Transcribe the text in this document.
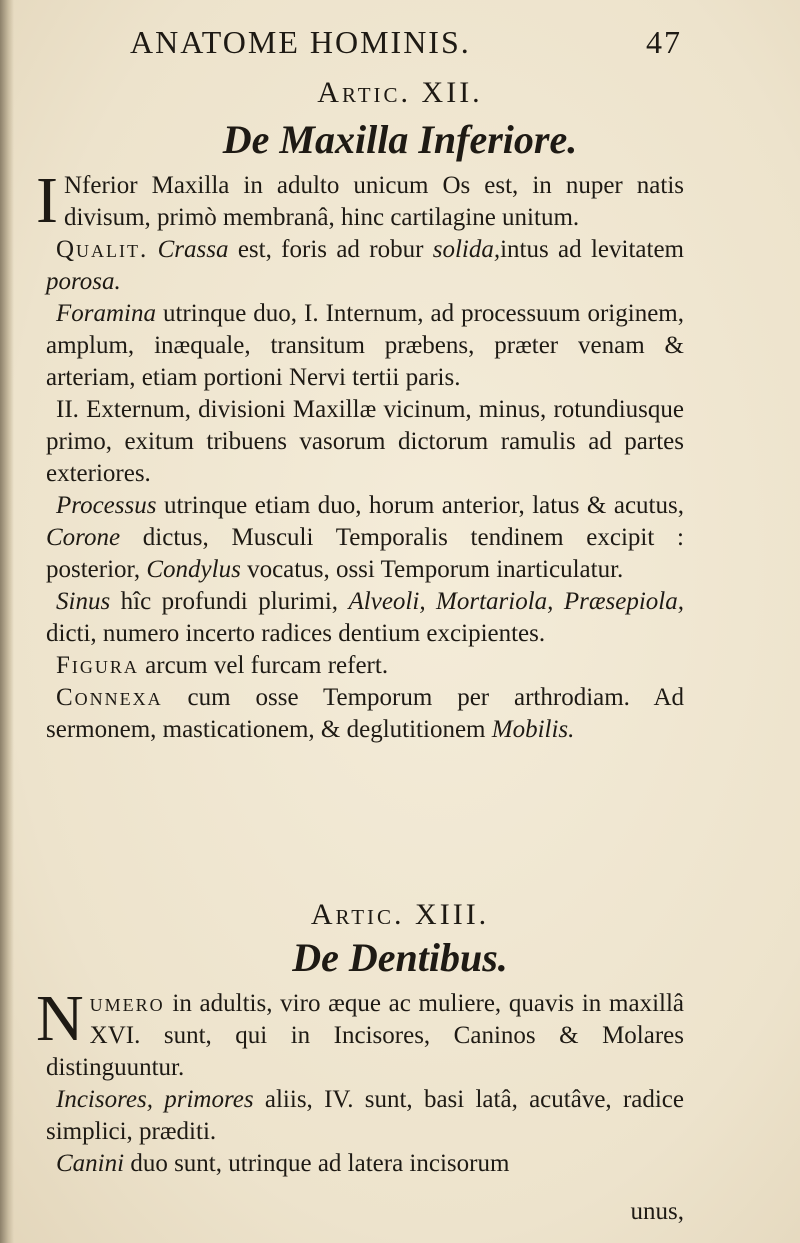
ANATOME HOMINIS.	47
Artic. XII.
De Maxilla Inferiore.

I Nferior Maxilla in adulto unicum Os est, in nuper natis divisum, primò membranâ, hinc cartilagine unitum.

Qualit. Crassa est, foris ad robur solida,intus ad levitatem porosa.

Foramina utrinque duo, I. Internum, ad processuum originem, amplum, inæquale, transitum præbens, præter venam & arteriam, etiam portioni Nervi tertii paris.

II. Externum, divisioni Maxillæ vicinum, minus, rotundiusque primo, exitum tribuens vasorum dictorum ramulis ad partes exteriores.

Processus utrinque etiam duo, horum anterior, latus & acutus, Corone dictus, Musculi Temporalis tendinem excipit : posterior, Condylus vocatus, ossi Temporum inarticulatur.

Sinus hîc profundi plurimi, Alveoli, Mortariola, Præsepiola, dicti, numero incerto radices dentium excipientes.

Figura arcum vel furcam refert.

Connexa cum osse Temporum per arthrodiam. Ad sermonem, masticationem, & deglutitionem Mobilis.

Artic. XIII.
De Dentibus.

Numero in adultis, viro æque ac muliere, quavis in maxillâ XVI. sunt, qui in Incisores, Caninos & Molares distinguuntur.

Incisores, primores aliis, IV. sunt, basi latâ, acutâve, radice simplici, præditi.

Canini duo sunt, utrinque ad latera incisorum

unus,
